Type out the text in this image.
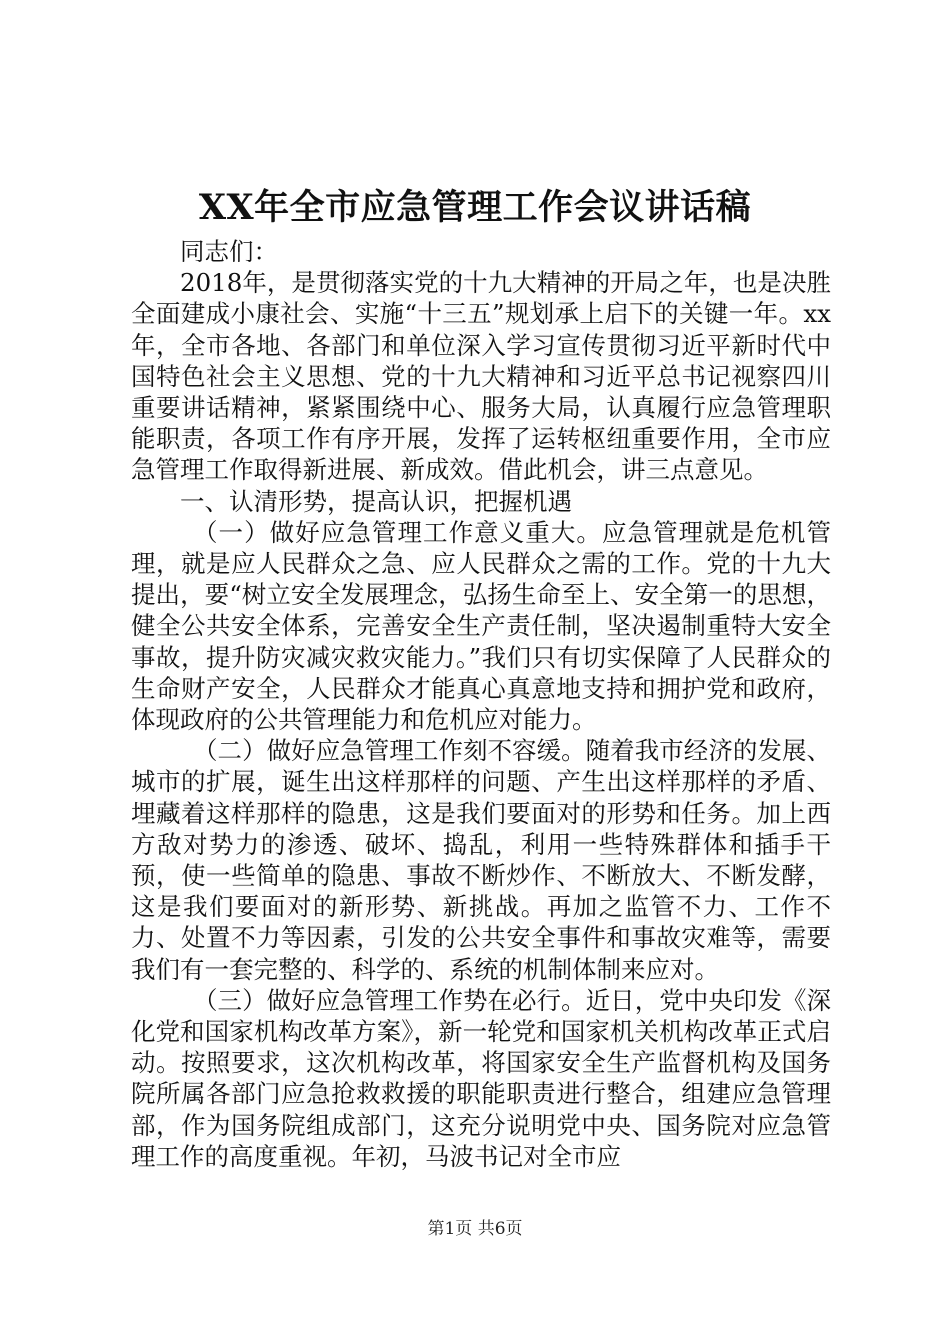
XX年全市应急管理工作会议讲话稿

同志们：

2018年，是贯彻落实党的十九大精神的开局之年，也是决胜全面建成小康社会、实施“十三五”规划承上启下的关键一年。xx年，全市各地、各部门和单位深入学习宣传贯彻习近平新时代中国特色社会主义思想、党的十九大精神和习近平总书记视察四川重要讲话精神，紧紧围绕中心、服务大局，认真履行应急管理职能职责，各项工作有序开展，发挥了运转枢纽重要作用，全市应急管理工作取得新进展、新成效。借此机会，讲三点意见。

一、认清形势，提高认识，把握机遇

（一）做好应急管理工作意义重大。应急管理就是危机管理，就是应人民群众之急、应人民群众之需的工作。党的十九大提出，要“树立安全发展理念，弘扬生命至上、安全第一的思想，健全公共安全体系，完善安全生产责任制，坚决遏制重特大安全事故，提升防灾减灾救灾能力。”我们只有切实保障了人民群众的生命财产安全，人民群众才能真心真意地支持和拥护党和政府，体现政府的公共管理能力和危机应对能力。

（二）做好应急管理工作刻不容缓。随着我市经济的发展、城市的扩展，诞生出这样那样的问题、产生出这样那样的矛盾、埋藏着这样那样的隐患，这是我们要面对的形势和任务。加上西方敌对势力的渗透、破坏、捣乱，利用一些特殊群体和插手干预，使一些简单的隐患、事故不断炒作、不断放大、不断发酵，这是我们要面对的新形势、新挑战。再加之监管不力、工作不力、处置不力等因素，引发的公共安全事件和事故灾难等，需要我们有一套完整的、科学的、系统的机制体制来应对。

（三）做好应急管理工作势在必行。近日，党中央印发《深化党和国家机构改革方案》，新一轮党和国家机关机构改革正式启动。按照要求，这次机构改革，将国家安全生产监督机构及国务院所属各部门应急抢救救援的职能职责进行整合，组建应急管理部，作为国务院组成部门，这充分说明党中央、国务院对应急管理工作的高度重视。年初，马波书记对全市应

第1页 共6页
